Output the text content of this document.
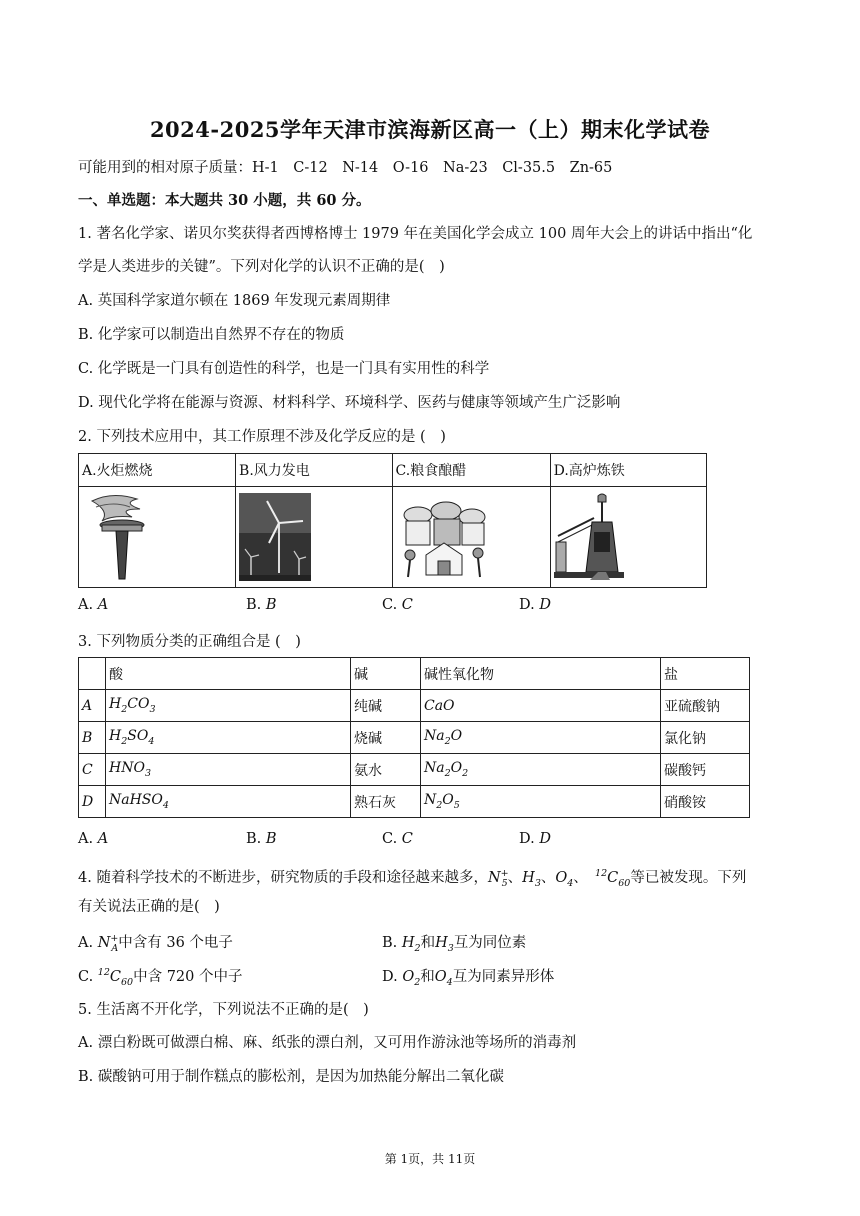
2024-2025学年天津市滨海新区高一（上）期末化学试卷
可能用到的相对原子质量：H-1　C-12　N-14　O-16　Na-23　Cl-35.5　Zn-65
一、单选题：本大题共 30 小题，共 60 分。
1. 著名化学家、诺贝尔奖获得者西博格博士 1979 年在美国化学会成立 100 周年大会上的讲话中指出“化
学是人类进步的关键”。下列对化学的认识不正确的是(　)
A. 英国科学家道尔顿在 1869 年发现元素周期律
B. 化学家可以制造出自然界不存在的物质
C. 化学既是一门具有创造性的科学，也是一门具有实用性的科学
D. 现代化学将在能源与资源、材料科学、环境科学、医药与健康等领域产生广泛影响
2. 下列技术应用中，其工作原理不涉及化学反应的是 (　)
A.火炬燃烧	B.风力发电	C.粮食酿醋	D.高炉炼铁

A. A	B. B	C. C	D. D
3. 下列物质分类的正确组合是 (　)
	酸	碱	碱性氧化物	盐
A	$H_2CO_3$	纯碱	CaO	亚硫酸钠
B	$H_2SO_4$	烧碱	$Na_2O$	氯化钠
C	$HNO_3$	氨水	$Na_2O_2$	碳酸钙
D	NaHSO$_4$	熟石灰	$N_2O_5$	硝酸铵
A. A	B. B	C. C	D. D
4. 随着科学技术的不断进步，研究物质的手段和途径越来越多，$N^+_5$、$H_3$、$O_4$、　$^{12}C_{60}$等已被发现。下列
有关说法正确的是(　)
A. $N^+_A$中含有 36 个电子	B. $H_2$和$H_3$互为同位素
C. $^{12}C_{60}$中含 720 个中子	D. $O_2$和$O_4$互为同素异形体
5. 生活离不开化学，下列说法不正确的是(　)
A. 漂白粉既可做漂白棉、麻、纸张的漂白剂，又可用作游泳池等场所的消毒剂
B. 碳酸钠可用于制作糕点的膨松剂，是因为加热能分解出二氧化碳
第 1页，共 11页
